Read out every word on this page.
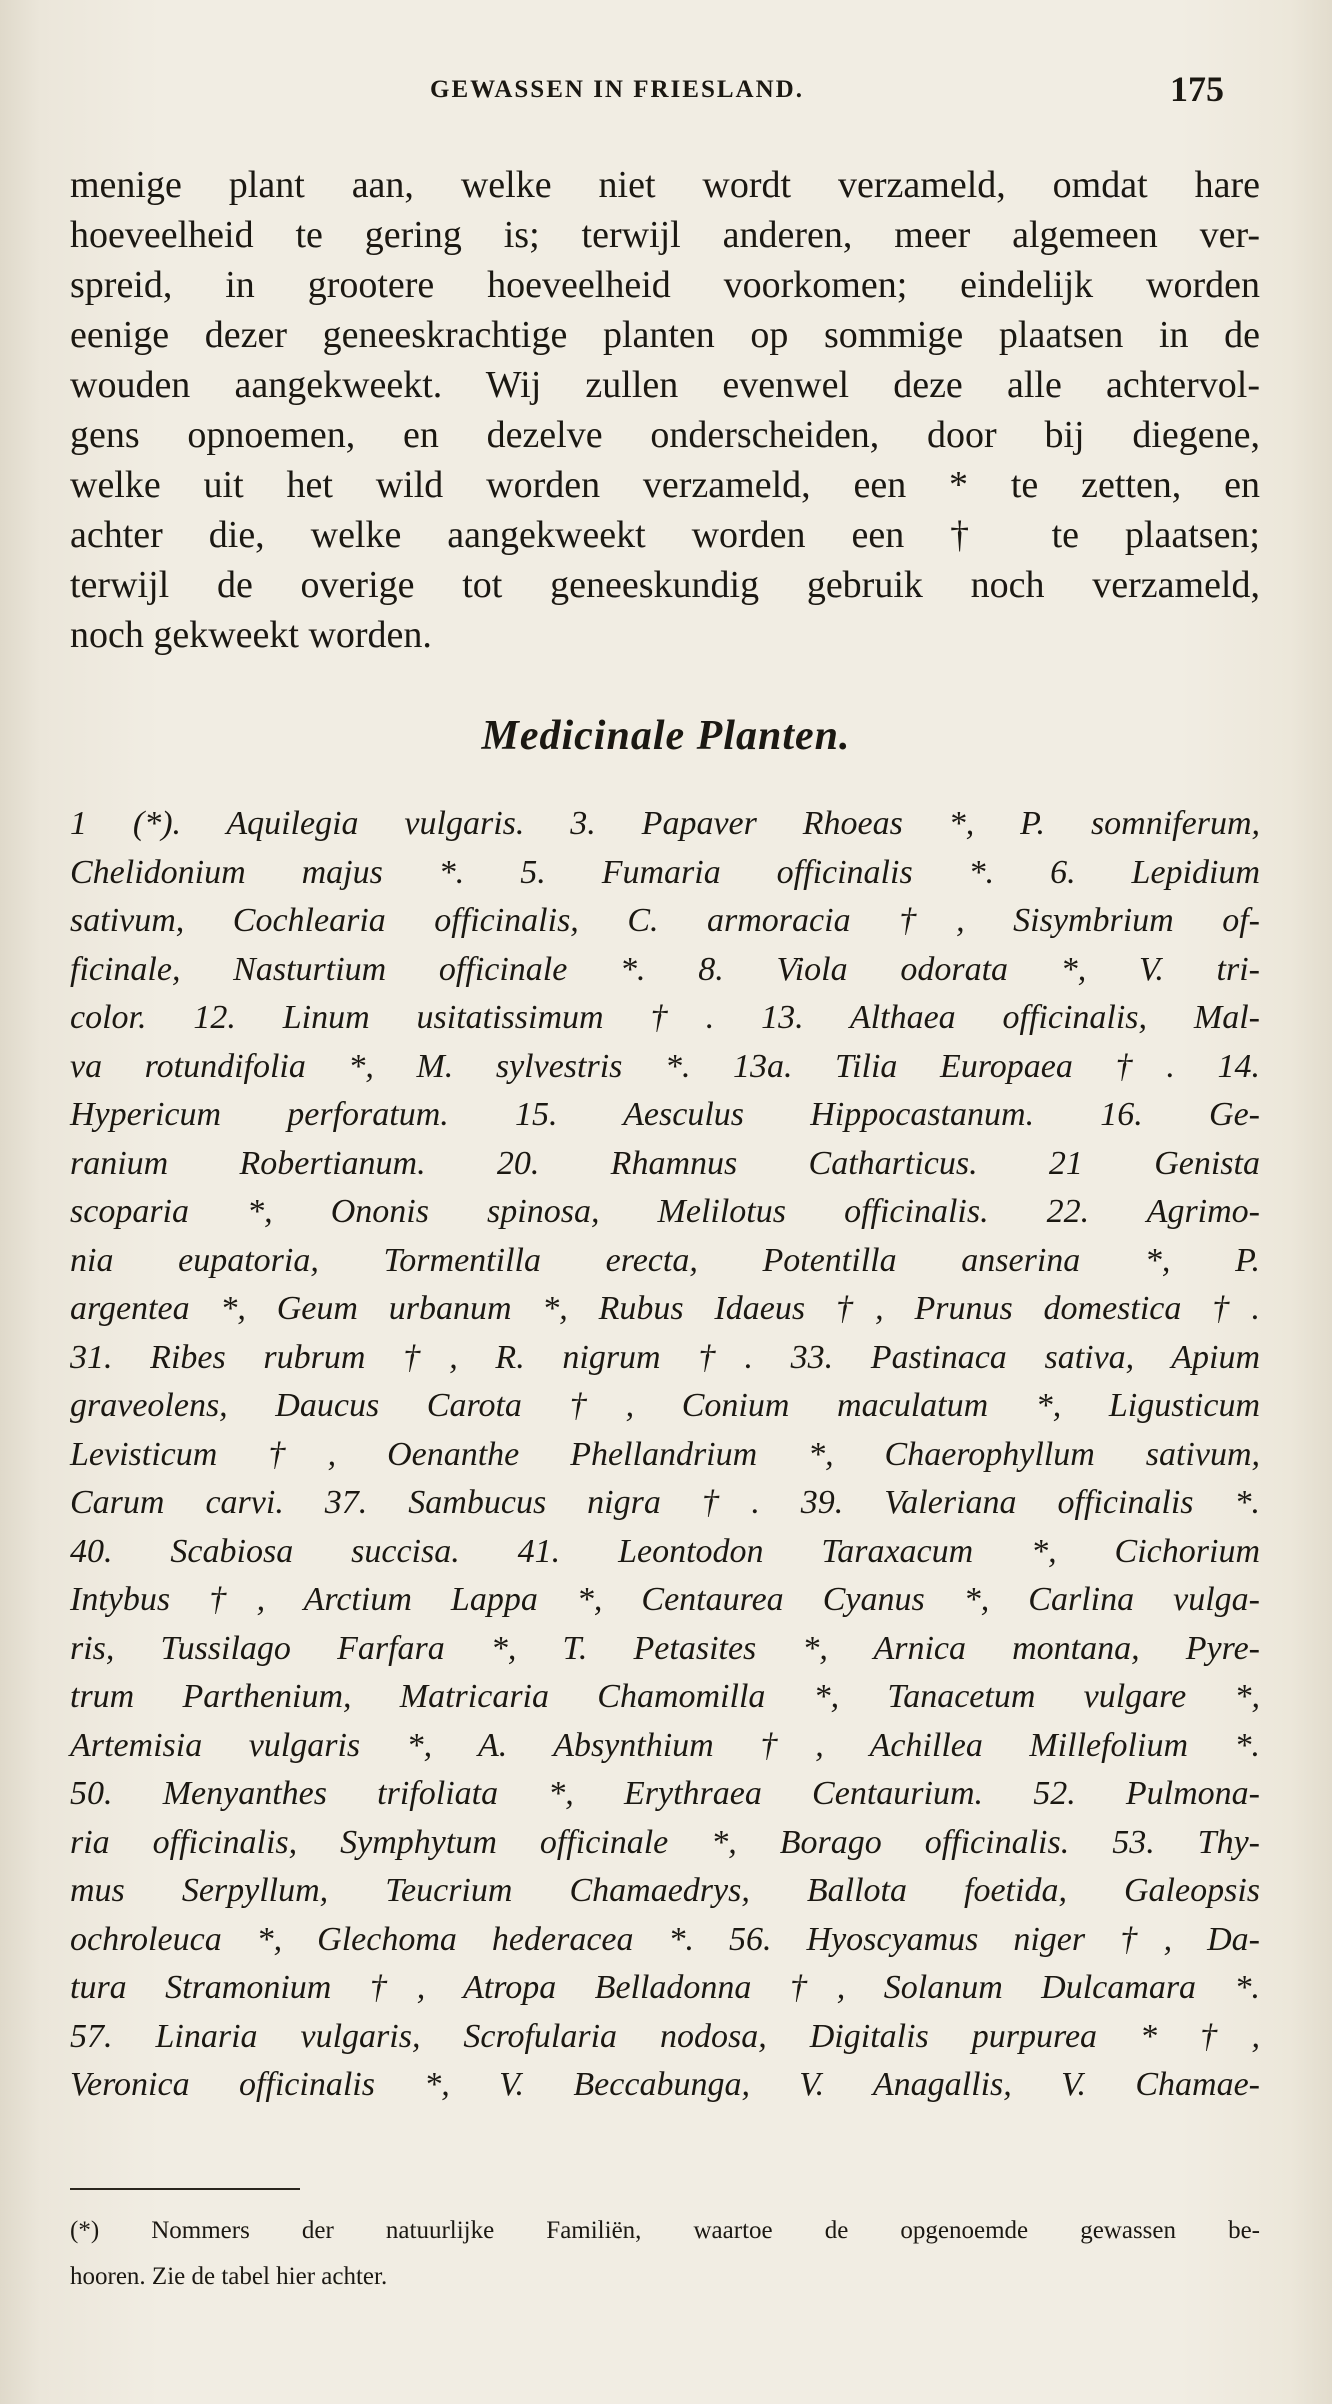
GEWASSEN IN FRIESLAND.	175
menige plant aan, welke niet wordt verzameld, omdat hare
hoeveelheid te gering is; terwijl anderen, meer algemeen ver-
spreid, in grootere hoeveelheid voorkomen; eindelijk worden
eenige dezer geneeskrachtige planten op sommige plaatsen in de
wouden aangekweekt. Wij zullen evenwel deze alle achtervol-
gens opnoemen, en dezelve onderscheiden, door bij diegene,
welke uit het wild worden verzameld, een * te zetten, en
achter die, welke aangekweekt worden een † te plaatsen;
terwijl de overige tot geneeskundig gebruik noch verzameld,
noch gekweekt worden.
Medicinale Planten.
1 (*). Aquilegia vulgaris. 3. Papaver Rhoeas *, P. somniferum,
Chelidonium majus *. 5. Fumaria officinalis *. 6. Lepidium
sativum, Cochlearia officinalis, C. armoracia †, Sisymbrium of-
ficinale, Nasturtium officinale *. 8. Viola odorata *, V. tri-
color. 12. Linum usitatissimum †. 13. Althaea officinalis, Mal-
va rotundifolia *, M. sylvestris *. 13a. Tilia Europaea †. 14.
Hypericum perforatum. 15. Aesculus Hippocastanum. 16. Ge-
ranium Robertianum. 20. Rhamnus Catharticus. 21 Genista
scoparia *, Ononis spinosa, Melilotus officinalis. 22. Agrimo-
nia eupatoria, Tormentilla erecta, Potentilla anserina *, P.
argentea *, Geum urbanum *, Rubus Idaeus †, Prunus domestica †.
31. Ribes rubrum †, R. nigrum †. 33. Pastinaca sativa, Apium
graveolens, Daucus Carota †, Conium maculatum *, Ligusticum
Levisticum †, Oenanthe Phellandrium *, Chaerophyllum sativum,
Carum carvi. 37. Sambucus nigra †. 39. Valeriana officinalis *.
40. Scabiosa succisa. 41. Leontodon Taraxacum *, Cichorium
Intybus †, Arctium Lappa *, Centaurea Cyanus *, Carlina vulga-
ris, Tussilago Farfara *, T. Petasites *, Arnica montana, Pyre-
trum Parthenium, Matricaria Chamomilla *, Tanacetum vulgare *,
Artemisia vulgaris *, A. Absynthium †, Achillea Millefolium *.
50. Menyanthes trifoliata *, Erythraea Centaurium. 52. Pulmona-
ria officinalis, Symphytum officinale *, Borago officinalis. 53. Thy-
mus Serpyllum, Teucrium Chamaedrys, Ballota foetida, Galeopsis
ochroleuca *, Glechoma hederacea *. 56. Hyoscyamus niger †, Da-
tura Stramonium †, Atropa Belladonna †, Solanum Dulcamara *.
57. Linaria vulgaris, Scrofularia nodosa, Digitalis purpurea * †,
Veronica officinalis *, V. Beccabunga, V. Anagallis, V. Chamae-
(*) Nommers der natuurlijke Familiën, waartoe de opgenoemde gewassen be-
hooren. Zie de tabel hier achter.
